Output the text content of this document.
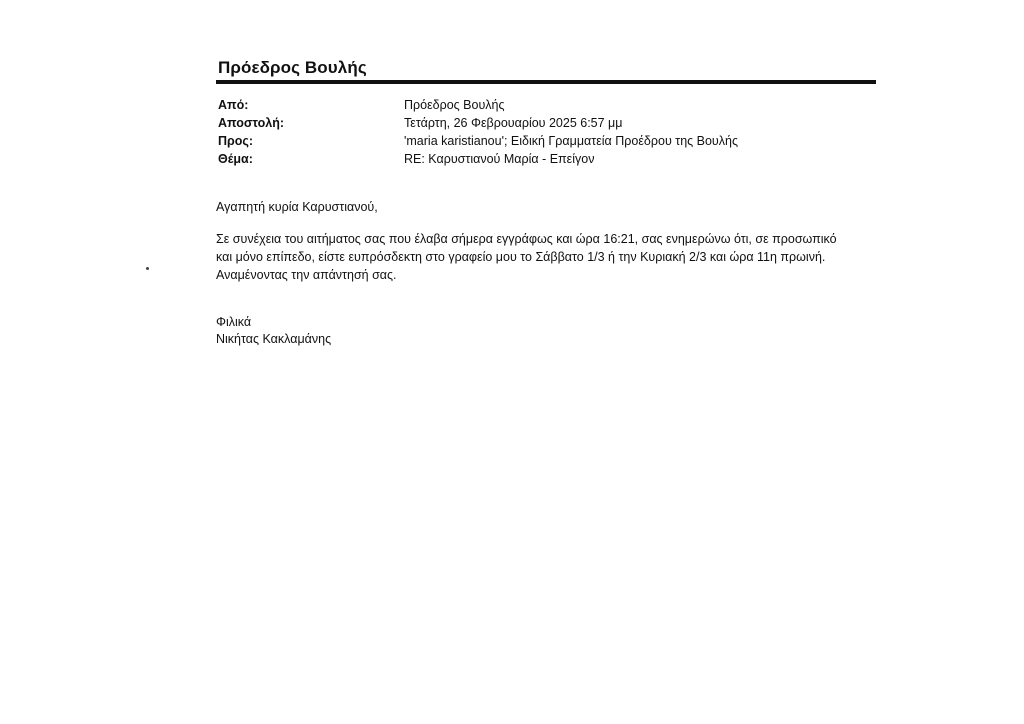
Πρόεδρος Βουλής
Από:	Πρόεδρος Βουλής
Αποστολή:	Τετάρτη, 26 Φεβρουαρίου 2025 6:57 μμ
Προς:	'maria karistianou'; Ειδική Γραμματεία Προέδρου της Βουλής
Θέμα:	RE: Καρυστιανού Μαρία - Επείγον

Αγαπητή κυρία Καρυστιανού,

Σε συνέχεια του αιτήματος σας που έλαβα σήμερα εγγράφως και ώρα 16:21, σας ενημερώνω ότι, σε προσωπικό

και μόνο επίπεδο, είστε ευπρόσδεκτη στο γραφείο μου το Σάββατο 1/3 ή την Κυριακή 2/3 και ώρα 11η πρωινή.

Αναμένοντας την απάντησή σας.

Φιλικά

Νικήτας Κακλαμάνης
